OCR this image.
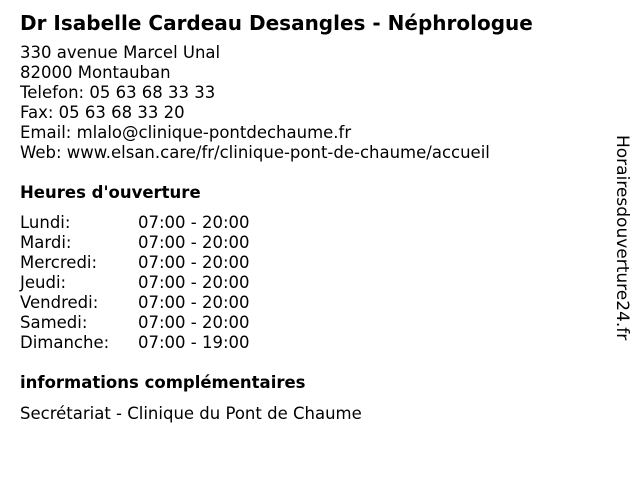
Dr Isabelle Cardeau Desangles - Néphrologue
330 avenue Marcel Unal
82000 Montauban
Telefon: 05 63 68 33 33
Fax: 05 63 68 33 20
Email: mlalo@clinique-pontdechaume.fr
Web: www.elsan.care/fr/clinique-pont-de-chaume/accueil
Heures d'ouverture
Lundi:	07:00 - 20:00
Mardi:	07:00 - 20:00
Mercredi:	07:00 - 20:00
Jeudi:	07:00 - 20:00
Vendredi:	07:00 - 20:00
Samedi:	07:00 - 20:00
Dimanche:	07:00 - 19:00
informations complémentaires
Secrétariat - Clinique du Pont de Chaume
Horairesdouverture24.fr
